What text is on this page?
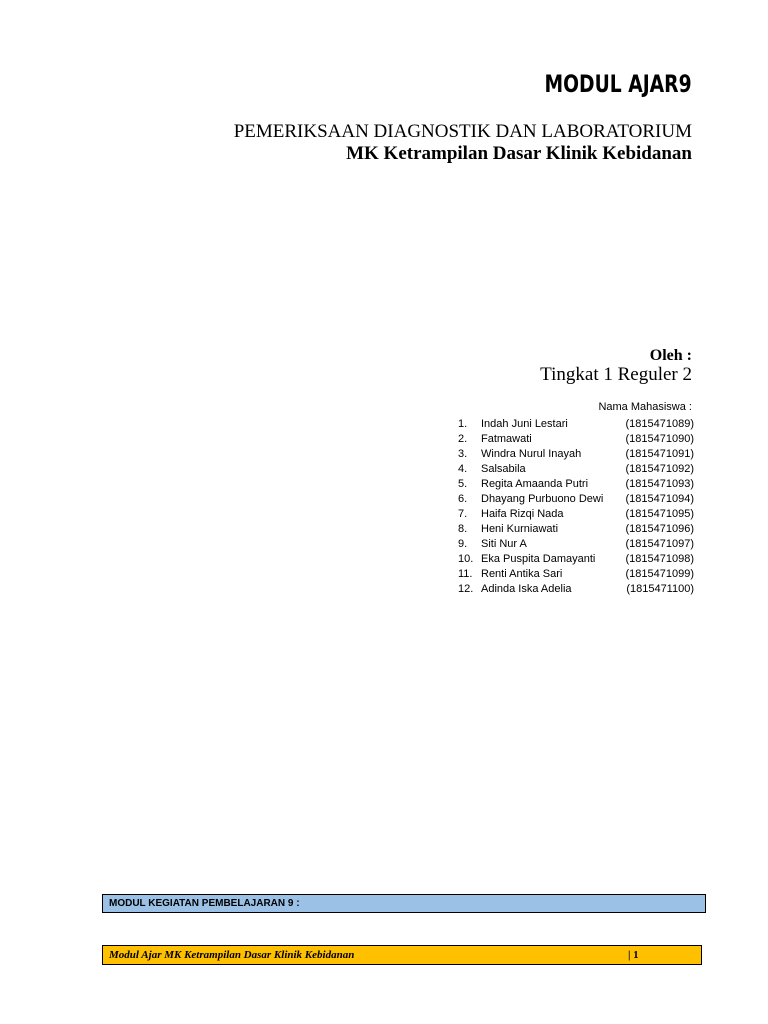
MODUL AJAR9

PEMERIKSAAN DIAGNOSTIK DAN LABORATORIUM

MK Ketrampilan Dasar Klinik Kebidanan

Oleh :

Tingkat 1 Reguler 2

Nama Mahasiswa :

1.	Indah Juni Lestari	(1815471089)
2.	Fatmawati	(1815471090)
3.	Windra Nurul Inayah	(1815471091)
4.	Salsabila	(1815471092)
5.	Regita Amaanda Putri	(1815471093)
6.	Dhayang Purbuono Dewi	(1815471094)
7.	Haifa Rizqi Nada	(1815471095)
8.	Heni Kurniawati	(1815471096)
9.	Siti Nur A	(1815471097)
10. Eka Puspita Damayanti	(1815471098)
11. Renti Antika Sari	(1815471099)
12. Adinda Iska Adelia	(1815471100)
MODUL KEGIATAN PEMBELAJARAN 9 :
Modul Ajar MK Ketrampilan Dasar Klinik Kebidanan	| 1
